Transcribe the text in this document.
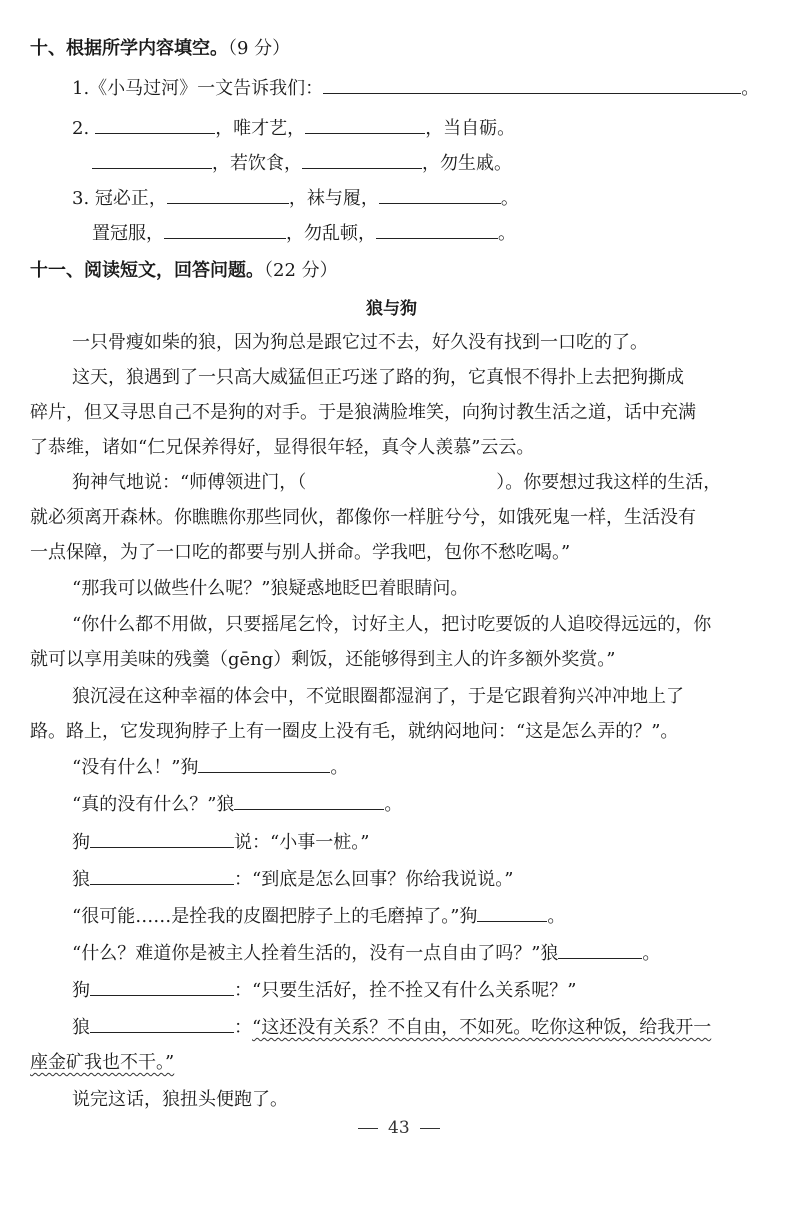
十、根据所学内容填空。（9 分）
1.《小马过河》一文告诉我们：	。
2.	，唯才艺，	，当自砺。
，若饮食，	，勿生戚。
3. 冠必正，	，袜与履，	。
置冠服，	，勿乱顿，	。
十一、阅读短文，回答问题。（22 分）
狼与狗
一只骨瘦如柴的狼，因为狗总是跟它过不去，好久没有找到一口吃的了。
这天，狼遇到了一只高大威猛但正巧迷了路的狗，它真恨不得扑上去把狗撕成
碎片，但又寻思自己不是狗的对手。于是狼满脸堆笑，向狗讨教生活之道，话中充满
了恭维，诸如“仁兄保养得好，显得很年轻，真令人羡慕”云云。
狗神气地说：“师傅领进门，（	）。你要想过我这样的生活，
就必须离开森林。你瞧瞧你那些同伙，都像你一样脏兮兮，如饿死鬼一样，生活没有
一点保障，为了一口吃的都要与别人拼命。学我吧，包你不愁吃喝。”
“那我可以做些什么呢？”狼疑惑地眨巴着眼睛问。
“你什么都不用做，只要摇尾乞怜，讨好主人，把讨吃要饭的人追咬得远远的，你
就可以享用美味的残羹（gēng）剩饭，还能够得到主人的许多额外奖赏。”
狼沉浸在这种幸福的体会中，不觉眼圈都湿润了，于是它跟着狗兴冲冲地上了
路。路上，它发现狗脖子上有一圈皮上没有毛，就纳闷地问：“这是怎么弄的？”。
“没有什么！”狗	。
“真的没有什么？”狼	。
狗	说：“小事一桩。”
狼	：“到底是怎么回事？你给我说说。”
“很可能……是拴我的皮圈把脖子上的毛磨掉了。”狗	。
“什么？难道你是被主人拴着生活的，没有一点自由了吗？”狼	。
狗	：“只要生活好，拴不拴又有什么关系呢？”
狼	：“这还没有关系？不自由，不如死。吃你这种饭，给我开一
座金矿我也不干。”
说完这话，狼扭头便跑了。
43
